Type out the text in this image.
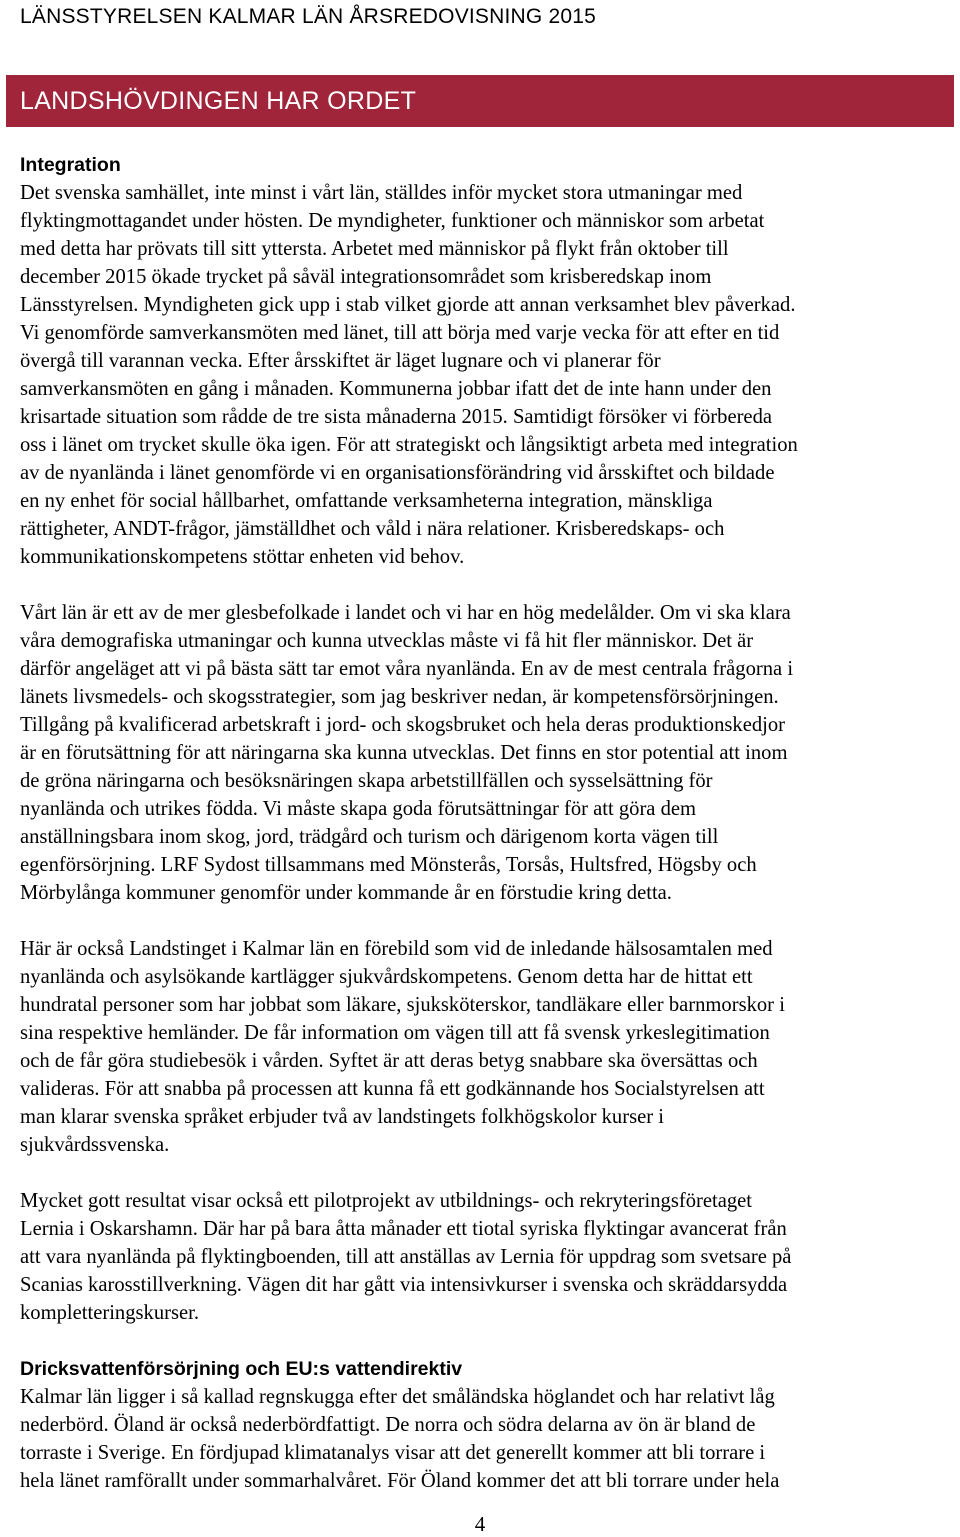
LÄNSSTYRELSEN KALMAR LÄN ÅRSREDOVISNING 2015
LANDSHÖVDINGEN HAR ORDET
Integration

Det svenska samhället, inte minst i vårt län, ställdes inför mycket stora utmaningar med
flyktingmottagandet under hösten. De myndigheter, funktioner och människor som arbetat
med detta har prövats till sitt yttersta. Arbetet med människor på flykt från oktober till
december 2015 ökade trycket på såväl integrationsområdet som krisberedskap inom
Länsstyrelsen. Myndigheten gick upp i stab vilket gjorde att annan verksamhet blev påverkad.
Vi genomförde samverkansmöten med länet, till att börja med varje vecka för att efter en tid
övergå till varannan vecka. Efter årsskiftet är läget lugnare och vi planerar för
samverkansmöten en gång i månaden. Kommunerna jobbar ifatt det de inte hann under den
krisartade situation som rådde de tre sista månaderna 2015. Samtidigt försöker vi förbereda
oss i länet om trycket skulle öka igen. För att strategiskt och långsiktigt arbeta med integration
av de nyanlända i länet genomförde vi en organisationsförändring vid årsskiftet och bildade
en ny enhet för social hållbarhet, omfattande verksamheterna integration, mänskliga
rättigheter, ANDT-frågor, jämställdhet och våld i nära relationer. Krisberedskaps- och
kommunikationskompetens stöttar enheten vid behov.

Vårt län är ett av de mer glesbefolkade i landet och vi har en hög medelålder. Om vi ska klara
våra demografiska utmaningar och kunna utvecklas måste vi få hit fler människor. Det är
därför angeläget att vi på bästa sätt tar emot våra nyanlända. En av de mest centrala frågorna i
länets livsmedels- och skogsstrategier, som jag beskriver nedan, är kompetensförsörjningen.
Tillgång på kvalificerad arbetskraft i jord- och skogsbruket och hela deras produktionskedjor
är en förutsättning för att näringarna ska kunna utvecklas. Det finns en stor potential att inom
de gröna näringarna och besöksnäringen skapa arbetstillfällen och sysselsättning för
nyanlända och utrikes födda. Vi måste skapa goda förutsättningar för att göra dem
anställningsbara inom skog, jord, trädgård och turism och därigenom korta vägen till
egenförsörjning. LRF Sydost tillsammans med Mönsterås, Torsås, Hultsfred, Högsby och
Mörbylånga kommuner genomför under kommande år en förstudie kring detta.

Här är också Landstinget i Kalmar län en förebild som vid de inledande hälsosamtalen med
nyanlända och asylsökande kartlägger sjukvårdskompetens. Genom detta har de hittat ett
hundratal personer som har jobbat som läkare, sjuksköterskor, tandläkare eller barnmorskor i
sina respektive hemländer. De får information om vägen till att få svensk yrkeslegitimation
och de får göra studiebesök i vården. Syftet är att deras betyg snabbare ska översättas och
valideras. För att snabba på processen att kunna få ett godkännande hos Socialstyrelsen att
man klarar svenska språket erbjuder två av landstingets folkhögskolor kurser i
sjukvårdssvenska.

Mycket gott resultat visar också ett pilotprojekt av utbildnings- och rekryteringsföretaget
Lernia i Oskarshamn. Där har på bara åtta månader ett tiotal syriska flyktingar avancerat från
att vara nyanlända på flyktingboenden, till att anställas av Lernia för uppdrag som svetsare på
Scanias karosstillverkning. Vägen dit har gått via intensivkurser i svenska och skräddarsydda
kompletteringskurser.

Dricksvattenförsörjning och EU:s vattendirektiv

Kalmar län ligger i så kallad regnskugga efter det småländska höglandet och har relativt låg
nederbörd. Öland är också nederbördfattigt. De norra och södra delarna av ön är bland de
torraste i Sverige. En fördjupad klimatanalys visar att det generellt kommer att bli torrare i
hela länet ramförallt under sommarhalvåret. För Öland kommer det att bli torrare under hela

4
